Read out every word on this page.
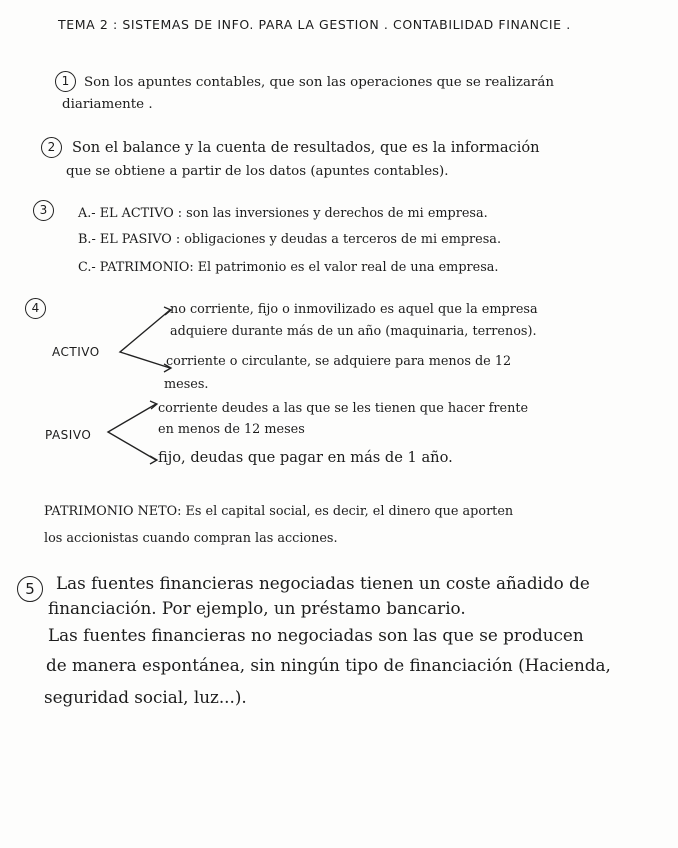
TEMA 2 : SISTEMAS DE INFO. PARA LA GESTION . CONTABILIDAD FINANCIE .
1	Son los apuntes contables, que son las operaciones que se realizarán
diariamente .
2	Son el balance y la cuenta de resultados, que es la información
que se obtiene a partir de los datos (apuntes contables).
3	A.- EL ACTIVO : son las inversiones y derechos de mi empresa.
B.- EL PASIVO : obligaciones y deudas a terceros de mi empresa.
C.- PATRIMONIO: El patrimonio es el valor real de una empresa.
4
ACTIVO
no corriente, fijo o inmovilizado es aquel que la empresa
adquiere durante más de un año (maquinaria, terrenos).
corriente o circulante, se adquiere para menos de 12
meses.
PASIVO
corriente deudes a las que se les tienen que hacer frente
en menos de 12 meses
fijo, deudas que pagar en más de 1 año.
PATRIMONIO NETO: Es el capital social, es decir, el dinero que aporten
los accionistas cuando compran las acciones.
5	Las fuentes financieras negociadas tienen un coste añadido de
financiación. Por ejemplo, un préstamo bancario.
Las fuentes financieras no negociadas son las que se producen
de manera espontánea, sin ningún tipo de financiación (Hacienda,
seguridad social, luz...).
